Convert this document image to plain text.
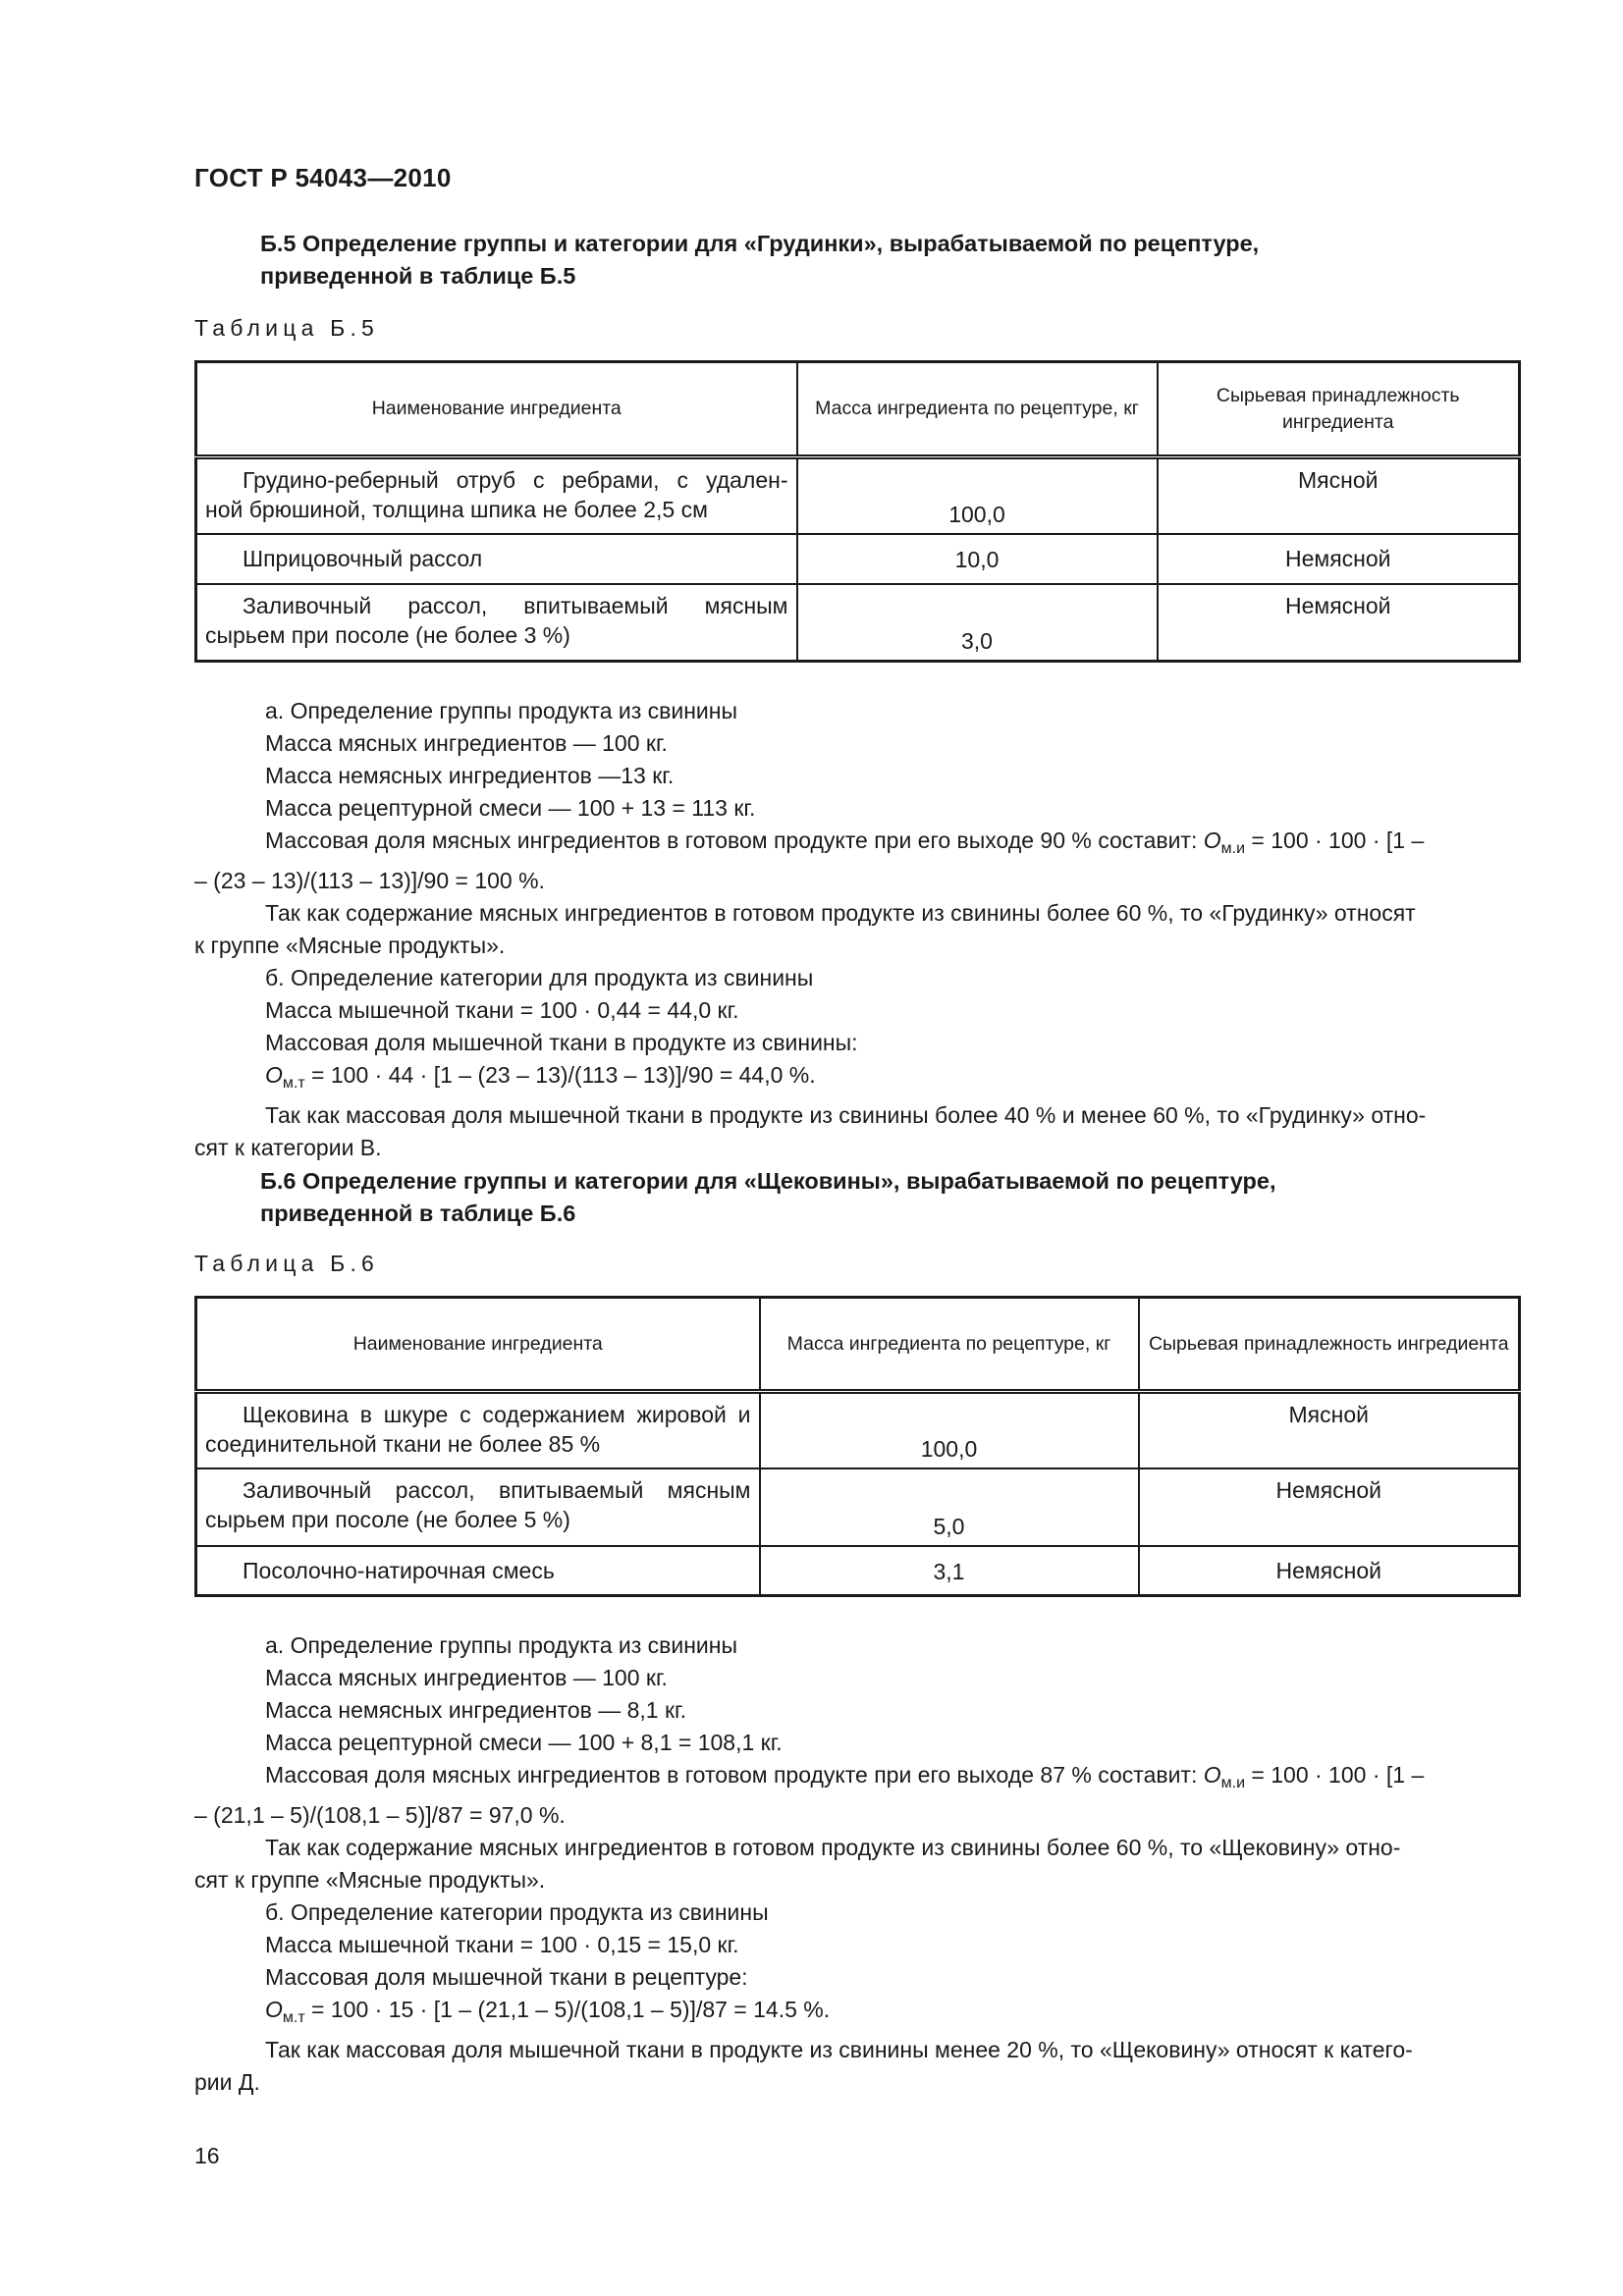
ГОСТ Р 54043—2010
Б.5 Определение группы и категории для «Грудинки», вырабатываемой по рецептуре,
приведенной в таблице Б.5
Таблица Б.5
Наименование ингредиента	Масса ингредиента по рецептуре, кг	Сырьевая принадлежность ингредиента

Грудино-реберный отруб с ребрами, с удален-
ной брюшиной, толщина шпика не более 2,5 см	100,0	Мясной

Шприцовочный рассол	10,0	Немясной

Заливочный рассол, впитываемый мясным
сырьем при посоле (не более 3 %)	3,0	Немясной
а. Определение группы продукта из свинины
Масса мясных ингредиентов — 100 кг.
Масса немясных ингредиентов —13 кг.
Масса рецептурной смеси — 100 + 13 = 113 кг.
Массовая доля мясных ингредиентов в готовом продукте при его выходе 90 % составит: $О_{м.и} = 100 \cdot 100 \cdot [1$ –
– (23 – 13)/(113 – 13)]/90 = 100 %.
Так как содержание мясных ингредиентов в готовом продукте из свинины более 60 %, то «Грудинку» относят
к группе «Мясные продукты».
б. Определение категории для продукта из свинины
Масса мышечной ткани = 100 · 0,44 = 44,0 кг.
Массовая доля мышечной ткани в продукте из свинины:
$О_{м.т} = 100 \cdot 44 \cdot [1 - (23 - 13)/(113 - 13)]/90 = 44,0$ %.
Так как массовая доля мышечной ткани в продукте из свинины более 40 % и менее 60 %, то «Грудинку» отно-
сят к категории В.
Б.6 Определение группы и категории для «Щековины», вырабатываемой по рецептуре,
приведенной в таблице Б.6
Таблица Б.6
Наименование ингредиента	Масса ингредиента по рецептуре, кг	Сырьевая принадлежность ингредиента

Щековина в шкуре с содержанием жировой и
соединительной ткани не более 85 %	100,0	Мясной

Заливочный рассол, впитываемый мясным
сырьем при посоле (не более 5 %)	5,0	Немясной

Посолочно-натирочная смесь	3,1	Немясной
а. Определение группы продукта из свинины
Масса мясных ингредиентов — 100 кг.
Масса немясных ингредиентов — 8,1 кг.
Масса рецептурной смеси — 100 + 8,1 = 108,1 кг.
Массовая доля мясных ингредиентов в готовом продукте при его выходе 87 % составит: $О_{м.и} = 100 \cdot 100 \cdot [1$ –
– (21,1 – 5)/(108,1 – 5)]/87 = 97,0 %.
Так как содержание мясных ингредиентов в готовом продукте из свинины более 60 %, то «Щековину» отно-
сят к группе «Мясные продукты».
б. Определение категории продукта из свинины
Масса мышечной ткани = 100 · 0,15 = 15,0 кг.
Массовая доля мышечной ткани в рецептуре:
$О_{м.т} = 100 \cdot 15 \cdot [1 - (21,1 - 5)/(108,1 - 5)]/87 = 14.5$ %.
Так как массовая доля мышечной ткани в продукте из свинины менее 20 %, то «Щековину» относят к катего-
рии Д.
16
